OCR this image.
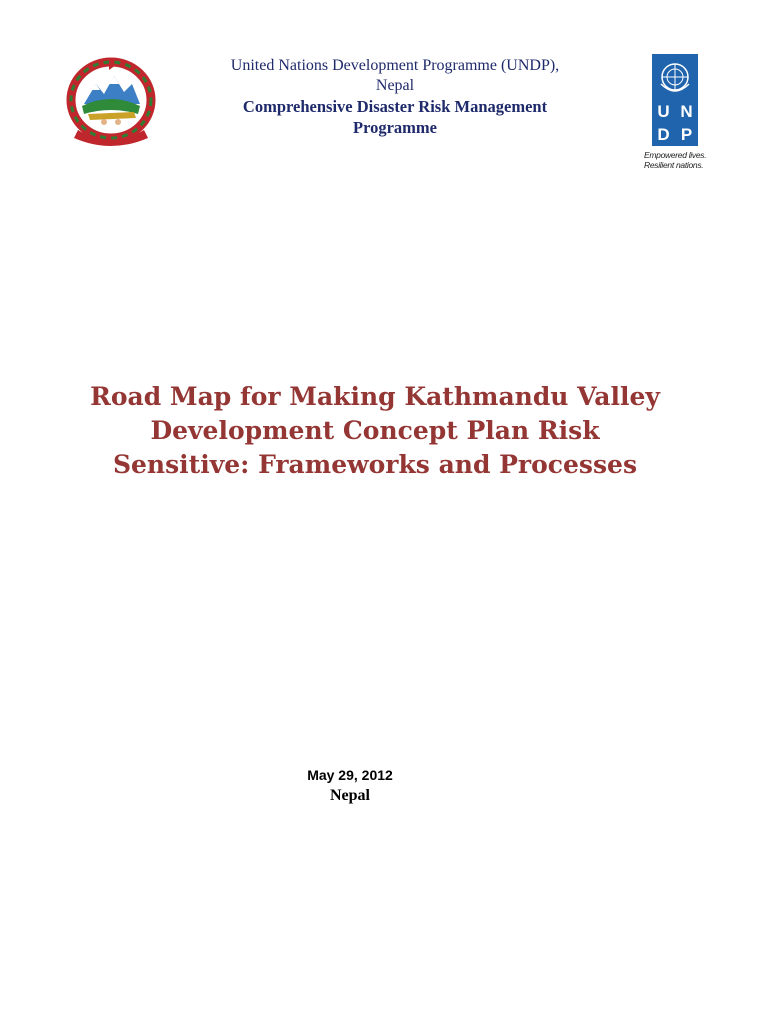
United Nations Development Programme (UNDP),
Nepal
Comprehensive Disaster Risk Management
Programme
U N
D P
Empowered lives.
Resilient nations.
Road Map for Making Kathmandu Valley
Development Concept Plan Risk
Sensitive: Frameworks and Processes
May 29, 2012
Nepal
